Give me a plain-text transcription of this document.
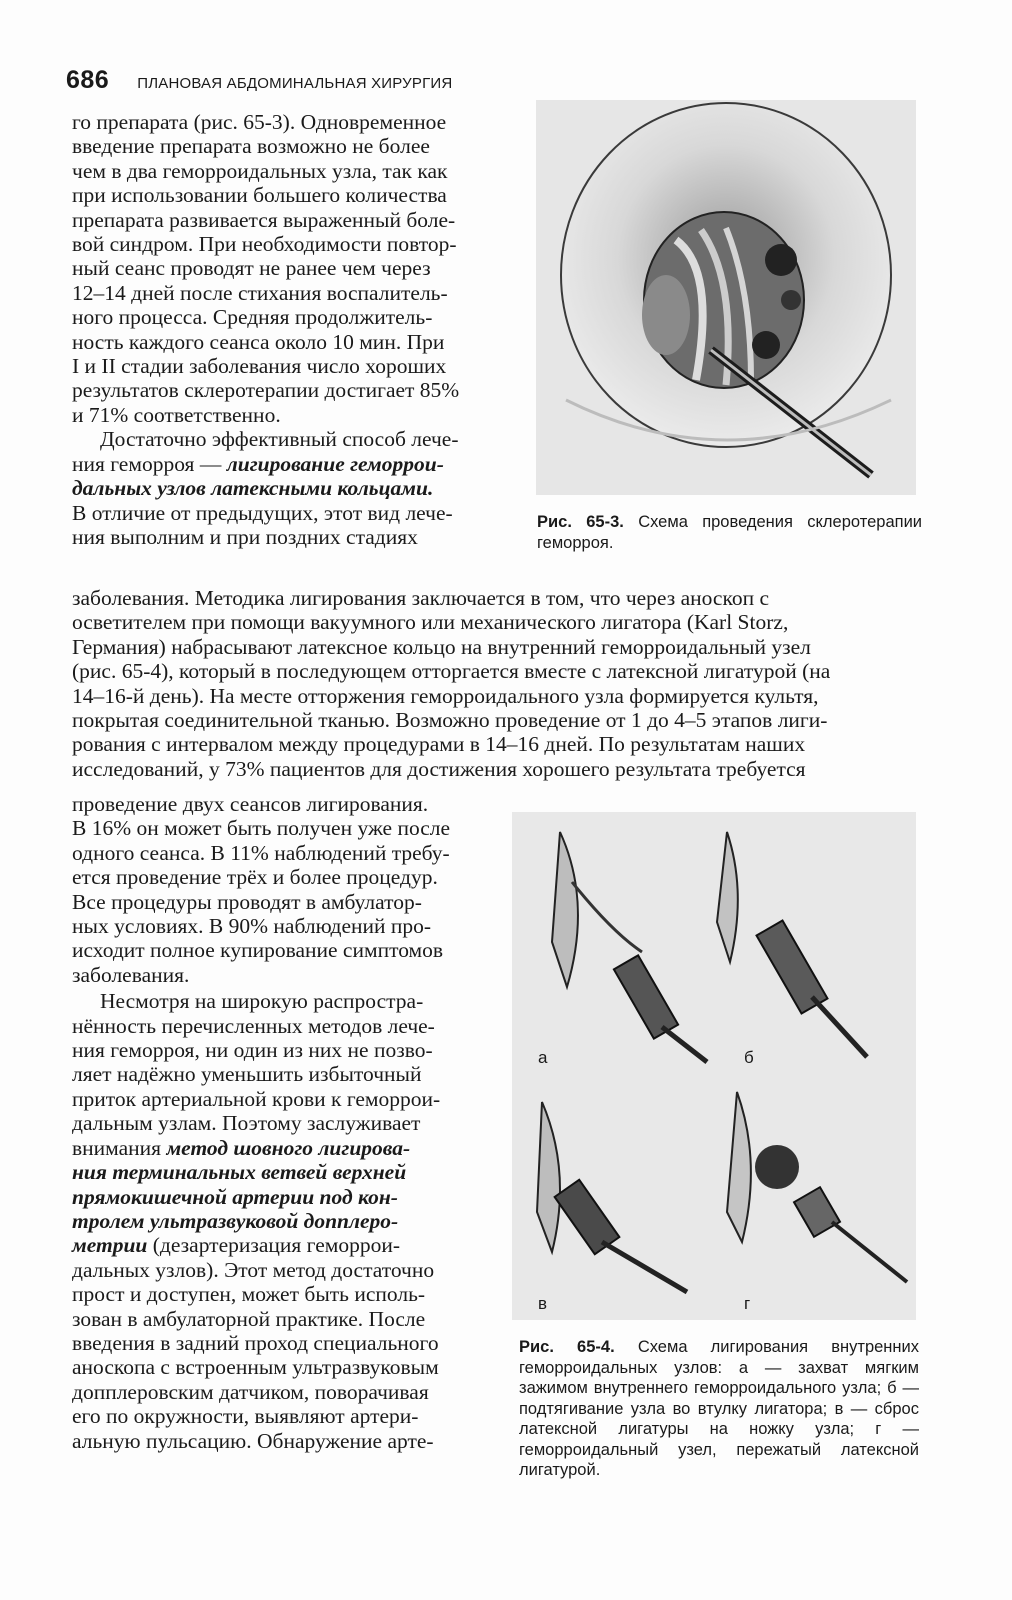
686 ПЛАНОВАЯ АБДОМИНАЛЬНАЯ ХИРУРГИЯ

го препарата (рис. 65-3). Одновременное
введение препарата возможно не более
чем в два геморроидальных узла, так как
при использовании большего количества
препарата развивается выраженный боле-
вой синдром. При необходимости повтор-
ный сеанс проводят не ранее чем через
12–14 дней после стихания воспалитель-
ного процесса. Средняя продолжитель-
ность каждого сеанса около 10 мин. При
I и II стадии заболевания число хороших
результатов склеротерапии достигает 85%
и 71% соответственно.

Достаточно эффективный способ лече-
ния геморроя — лигирование геморрои-
дальных узлов латексными кольцами.
В отличие от предыдущих, этот вид лече-
ния выполним и при поздних стадиях

Рис. 65-3. Схема проведения склеротерапии геморроя.

заболевания. Методика лигирования заключается в том, что через аноскоп с
осветителем при помощи вакуумного или механического лигатора (Karl Storz,
Германия) набрасывают латексное кольцо на внутренний геморроидальный узел
(рис. 65-4), который в последующем отторгается вместе с латексной лигатурой (на
14–16-й день). На месте отторжения геморроидального узла формируется культя,
покрытая соединительной тканью. Возможно проведение от 1 до 4–5 этапов лиги-
рования с интервалом между процедурами в 14–16 дней. По результатам наших
исследований, у 73% пациентов для достижения хорошего результата требуется

проведение двух сеансов лигирования.
В 16% он может быть получен уже после
одного сеанса. В 11% наблюдений требу-
ется проведение трёх и более процедур.
Все процедуры проводят в амбулатор-
ных условиях. В 90% наблюдений про-
исходит полное купирование симптомов
заболевания.

Несмотря на широкую распростра-
нённость перечисленных методов лече-
ния геморроя, ни один из них не позво-
ляет надёжно уменьшить избыточный
приток артериальной крови к геморрои-
дальным узлам. Поэтому заслуживает
внимания метод шовного лигирова-
ния терминальных ветвей верхней
прямокишечной артерии под кон-
тролем ультразвуковой допплеро-
метрии (дезартеризация геморрои-
дальных узлов). Этот метод достаточно
прост и доступен, может быть исполь-
зован в амбулаторной практике. После
введения в задний проход специального
аноскопа с встроенным ультразвуковым
допплеровским датчиком, поворачивая
его по окружности, выявляют артери-
альную пульсацию. Обнаружение арте-

а	б
в	г
Рис. 65-4. Схема лигирования внутренних геморроидальных узлов: а — захват мягким зажимом внутреннего геморроидального узла; б — подтягивание узла во втулку лигатора; в — сброс латексной лигатуры на ножку узла; г — геморроидальный узел, пережатый латексной лигатурой.
